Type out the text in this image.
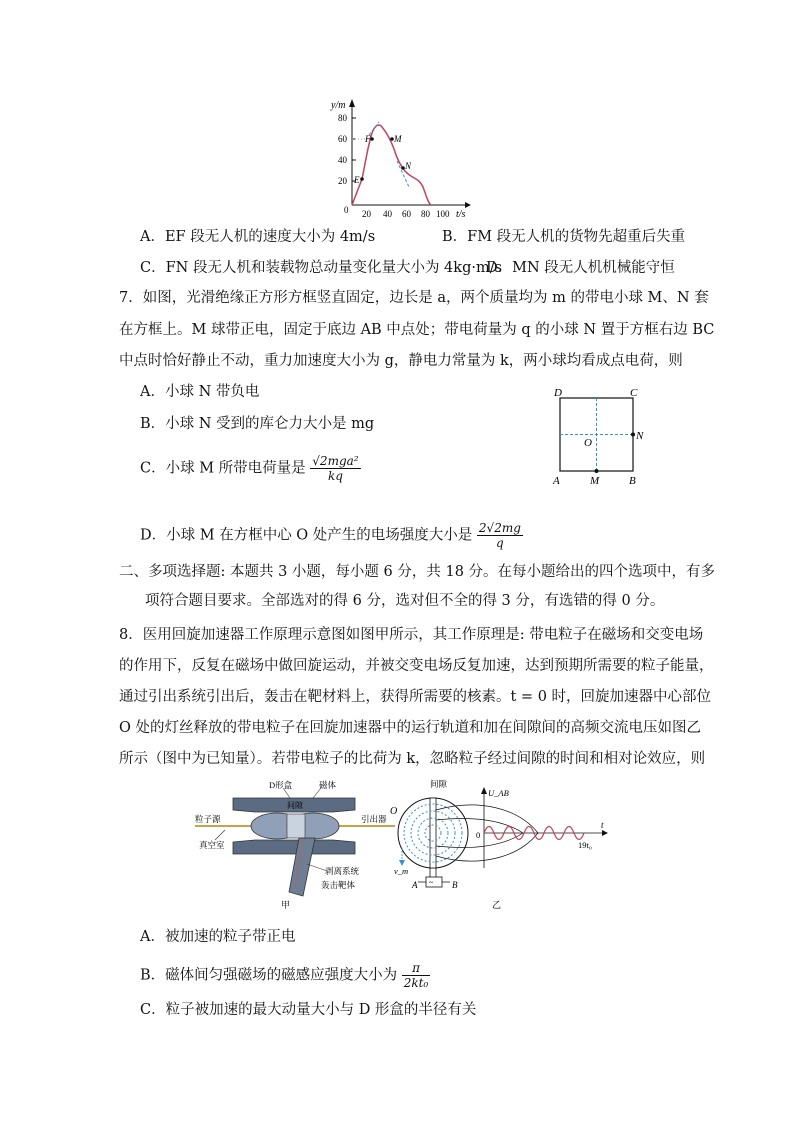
y/m
t/s
80
60
40
20
0 20 40 60 80 100
E
F	M
N
A．EF 段无人机的速度大小为 4m/s	B．FM 段无人机的货物先超重后失重
C．FN 段无人机和装载物总动量变化量大小为 4kg·m/s
D．MN 段无人机机械能守恒
7．如图，光滑绝缘正方形方框竖直固定，边长是 a，两个质量均为 m 的带电小球 M、N 套
在方框上。M 球带正电，固定于底边 AB 中点处；带电荷量为 q 的小球 N 置于方框右边 BC
中点时恰好静止不动，重力加速度大小为 g，静电力常量为 k，两小球均看成点电荷，则
A．小球 N 带负电
B．小球 N 受到的库仑力大小是 mg
C．小球 M 所带电荷量是 $\frac{\text{√2mga²}}{kq}$
D．小球 M 在方框中心 O 处产生的电场强度大小是 $\frac{2√2mg}{q}$
D	C
A	M	B
O
N
二、多项选择题: 本题共 3 小题，每小题 6 分，共 18 分。在每小题给出的四个选项中，有多
项符合题目要求。全部选对的得 6 分，选对但不全的得 3 分，有选错的得 0 分。
8．医用回旋加速器工作原理示意图如图甲所示，其工作原理是: 带电粒子在磁场和交变电场
的作用下，反复在磁场中做回旋运动，并被交变电场反复加速，达到预期所需要的粒子能量，
通过引出系统引出后，轰击在靶材料上，获得所需要的核素。t = 0 时，回旋加速器中心部位
O 处的灯丝释放的带电粒子在回旋加速器中的运行轨道和加在间隙间的高频交流电压如图乙
所示（图中为已知量）。若带电粒子的比荷为 k，忽略粒子经过间隙的时间和相对论效应，则
D形盒	磁体
间隙
粒子源	引出器
真空室
剥离系统
轰击靶体
甲
~
O
间隙
U_AB
0
t
19t₀
v_m
A	B
乙
A．被加速的粒子带正电
B．磁体间匀强磁场的磁感应强度大小为 $\frac{\pi}{\text{2kt₀}}$
C．粒子被加速的最大动量大小与 D 形盒的半径有关
